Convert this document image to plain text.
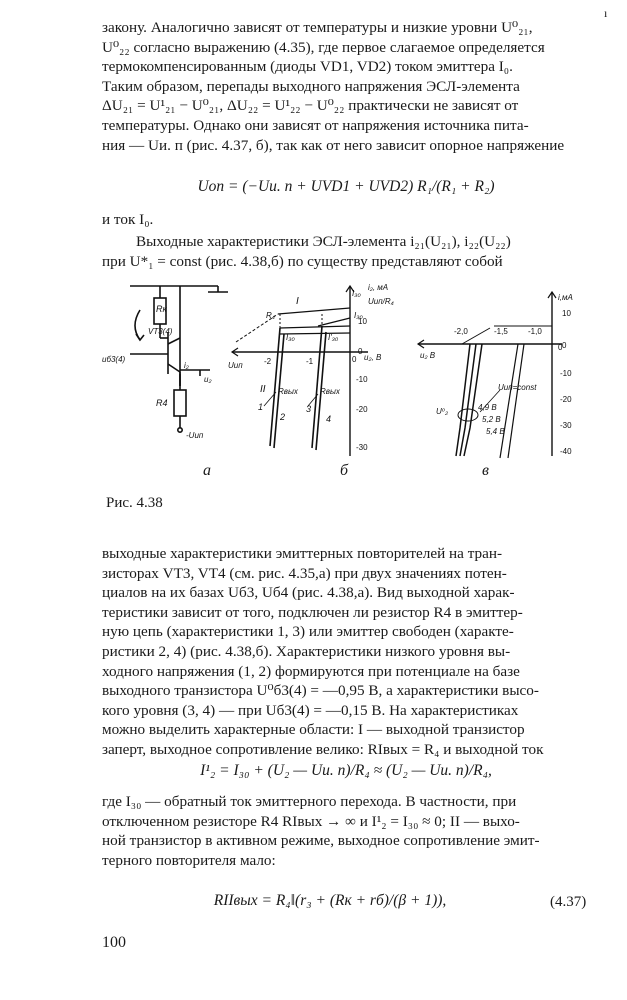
ı

закону. Аналогично зависят от температуры и низкие уровни U⁰₂₁,

U⁰₂₂ согласно выражению (4.35), где первое слагаемое определяется

термокомпенсированным (диоды VD1, VD2) током эмиттера I₀.

Таким образом, перепады выходного напряжения ЭСЛ-элемента

ΔU₂₁ = U¹₂₁ − U⁰₂₁, ΔU₂₂ = U¹₂₂ − U⁰₂₂ практически не зависят от

температуры. Однако они зависят от напряжения источника пита-

ния — Uи. п (рис. 4.37, б), так как от него зависит опорное напряжение

Uоп = (−Uи. п + UVD1 + UVD2) R₁/(R₁ + R₂)
и ток I₀.

Выходные характеристики ЭСЛ-элемента i₂₁(U₂₁), i₂₂(U₂₂)

при U*₁ = const (рис. 4.38,б) по существу представляют собой

Rк
VT3(4)
uб3(4)
i₂
u₂
R4
-Uип
I₃₀
i₂, мА
Uип/R₄
I
II
R₄
I₃₀	I'₃₀
I₃₀
Rвых	Rвых
Uип
u₂, В
1
2
3
4
10
0
-10
-20
-30
-2	-1	0
i,мА
u₂ В
Uип=const
U⁰₂	4,9 В
5,2 В
5,4 В
-2,0	-1,5	-1,0
0
10
0
-10
-20
-30
-40
а	б	в
Рис. 4.38

выходные характеристики эмиттерных повторителей на тран-

зисторах VT3, VT4 (см. рис. 4.35,а) при двух значениях потен-

циалов на их базах Uб3, Uб4 (рис. 4.38,а). Вид выходной харак-

теристики зависит от того, подключен ли резистор R4 в эмиттер-

ную цепь (характеристики 1, 3) или эмиттер свободен (характе-

ристики 2, 4) (рис. 4.38,б). Характеристики низкого уровня вы-

ходного напряжения (1, 2) формируются при потенциале на базе

выходного транзистора U⁰б3(4) = —0,95 В, а характеристики высо-

кого уровня (3, 4) — при Uб3(4) = —0,15 В. На характеристиках

можно выделить характерные области: I — выходной транзистор

заперт, выходное сопротивление велико: RIвых = R₄ и выходной ток

I¹₂ = I₃₀ + (U₂ — Uи. п)/R₄ ≈ (U₂ — Uи. п)/R₄,

где I₃₀ — обратный ток эмиттерного перехода. В частности, при

отключенном резисторе R4 RIвых → ∞ и I¹₂ = I₃₀ ≈ 0; II — выхо-

ной транзистор в активном режиме, выходное сопротивление эмит-

терного повторителя мало:

RIIвых = R₄‖(r₃ + (Rк + rб)/(β + 1)),	(4.37)
100
